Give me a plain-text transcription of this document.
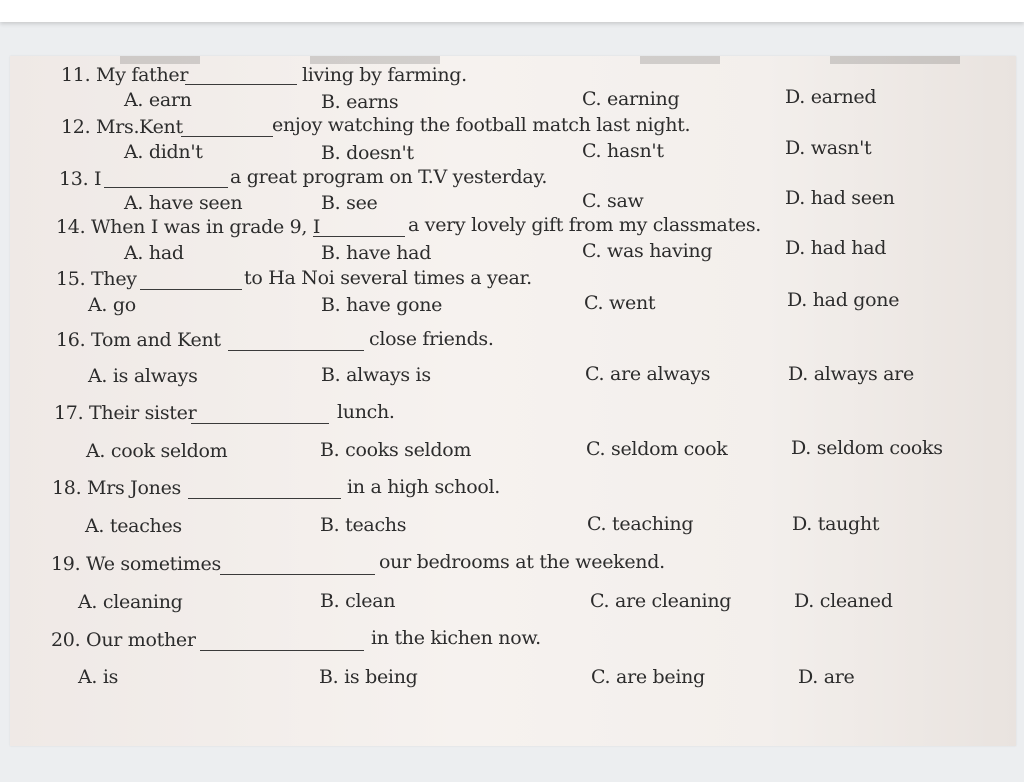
11. My father	living by farming.
A. earn	B. earns	C. earning	D. earned
12. Mrs.Kent	enjoy watching the football match last night.
A. didn't	B. doesn't	C. hasn't	D. wasn't
13. I	a great program on T.V yesterday.
A. have seen	B. see	C. saw	D. had seen
14. When I was in grade 9, I	a very lovely gift from my classmates.
A. had	B. have had	C. was having	D. had had
15. They	to Ha Noi several times a year.
A. go	B. have gone	C. went	D. had gone
16. Tom and Kent	close friends.
A. is always	B. always is	C. are always	D. always are
17. Their sister	lunch.
A. cook seldom	B. cooks seldom	C. seldom cook	D. seldom cooks
18. Mrs Jones	in a high school.
A. teaches	B. teachs	C. teaching	D. taught
19. We sometimes	our bedrooms at the weekend.
A. cleaning	B. clean	C. are cleaning	D. cleaned
20. Our mother	in the kichen now.
A. is	B. is being	C. are being	D. are
